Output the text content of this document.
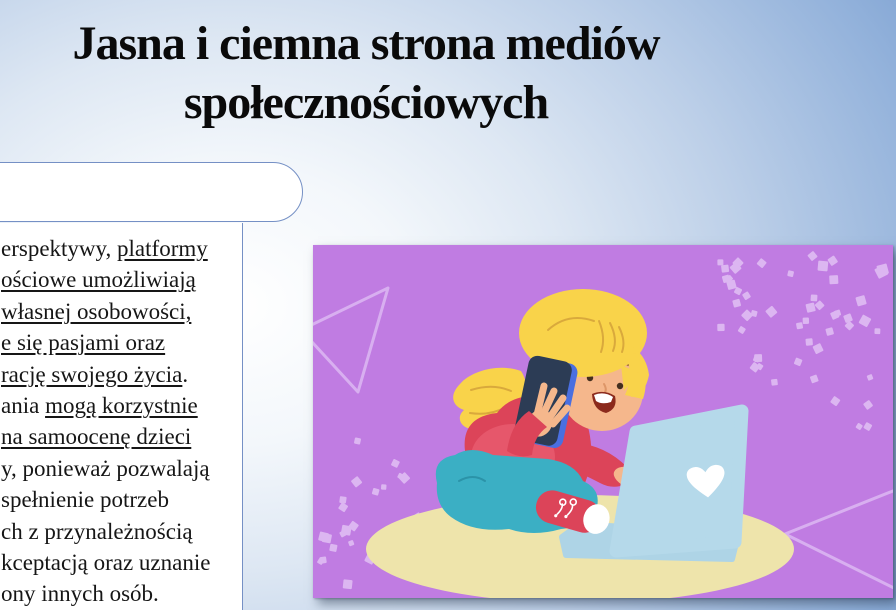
Jasna i ciemna strona mediów
społecznościowych
erspektywy, platformy
ościowe umożliwiają
własnej osobowości,
e się pasjami oraz
rację swojego życia.
ania mogą korzystnie
na samoocenę dzieci
y, ponieważ pozwalają
spełnienie potrzeb
ch z przynależnością
kceptacją oraz uznanie
ony innych osób.
